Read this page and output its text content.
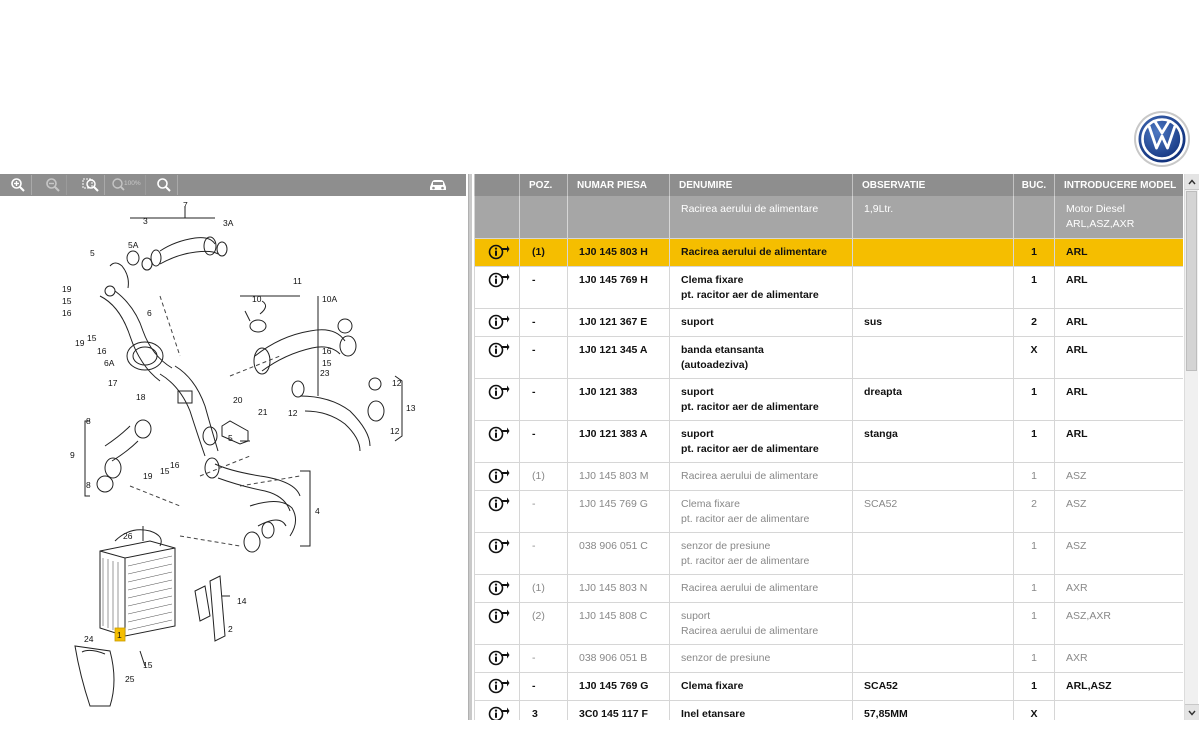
100%
7
3	3A
5
5A
19
15
16
19 15
16
6
6A
17
18
11
10	10A
16
15
23
12
12
13
12
20
21
5
8
9
19 15
16
8
4
26
14
2
24
15
25
1
	POZ.	NUMAR PIESA	DENUMIRE	OBSERVATIE	BUC.	INTRODUCERE MODEL
			Racirea aerului de alimentare	1,9Ltr.		Motor Diesel
ARL,ASZ,AXR

	(1)	1J0 145 803 H	Racirea aerului de alimentare		1	ARL
	-	1J0 145 769 H	Clema fixare
pt. racitor aer de alimentare		1	ARL
	-	1J0 121 367 E	suport	sus	2	ARL
	-	1J0 121 345 A	banda etansanta
(autoadeziva)		X	ARL
	-	1J0 121 383	suport
pt. racitor aer de alimentare	dreapta	1	ARL
	-	1J0 121 383 A	suport
pt. racitor aer de alimentare	stanga	1	ARL
	(1)	1J0 145 803 M	Racirea aerului de alimentare		1	ASZ
	-	1J0 145 769 G	Clema fixare
pt. racitor aer de alimentare	SCA52	2	ASZ
	-	038 906 051 C	senzor de presiune
pt. racitor aer de alimentare		1	ASZ
	(1)	1J0 145 803 N	Racirea aerului de alimentare		1	AXR
	(2)	1J0 145 808 C	suport
Racirea aerului de alimentare		1	ASZ,AXR
	-	038 906 051 B	senzor de presiune		1	AXR
	-	1J0 145 769 G	Clema fixare	SCA52	1	ARL,ASZ
	3	3C0 145 117 F	Inel etansare	57,85MM	X	
